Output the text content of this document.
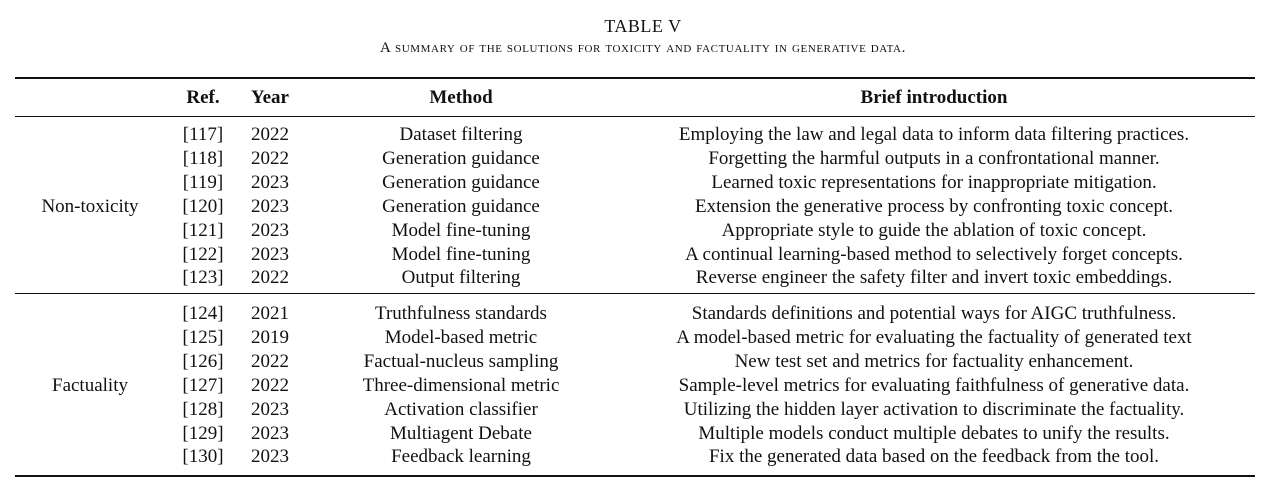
TABLE V
A summary of the solutions for toxicity and factuality in generative data.
Ref.	Year	Method	Brief introduction
Non-toxicity
[117]	2022	Dataset filtering	Employing the law and legal data to inform data filtering practices.
[118]	2022	Generation guidance	Forgetting the harmful outputs in a confrontational manner.
[119]	2023	Generation guidance	Learned toxic representations for inappropriate mitigation.
[120]	2023	Generation guidance	Extension the generative process by confronting toxic concept.
[121]	2023	Model fine-tuning	Appropriate style to guide the ablation of toxic concept.
[122]	2023	Model fine-tuning	A continual learning-based method to selectively forget concepts.
[123]	2022	Output filtering	Reverse engineer the safety filter and invert toxic embeddings.
Factuality
[124]	2021	Truthfulness standards	Standards definitions and potential ways for AIGC truthfulness.
[125]	2019	Model-based metric	A model-based metric for evaluating the factuality of generated text
[126]	2022	Factual-nucleus sampling	New test set and metrics for factuality enhancement.
[127]	2022	Three-dimensional metric	Sample-level metrics for evaluating faithfulness of generative data.
[128]	2023	Activation classifier	Utilizing the hidden layer activation to discriminate the factuality.
[129]	2023	Multiagent Debate	Multiple models conduct multiple debates to unify the results.
[130]	2023	Feedback learning	Fix the generated data based on the feedback from the tool.
